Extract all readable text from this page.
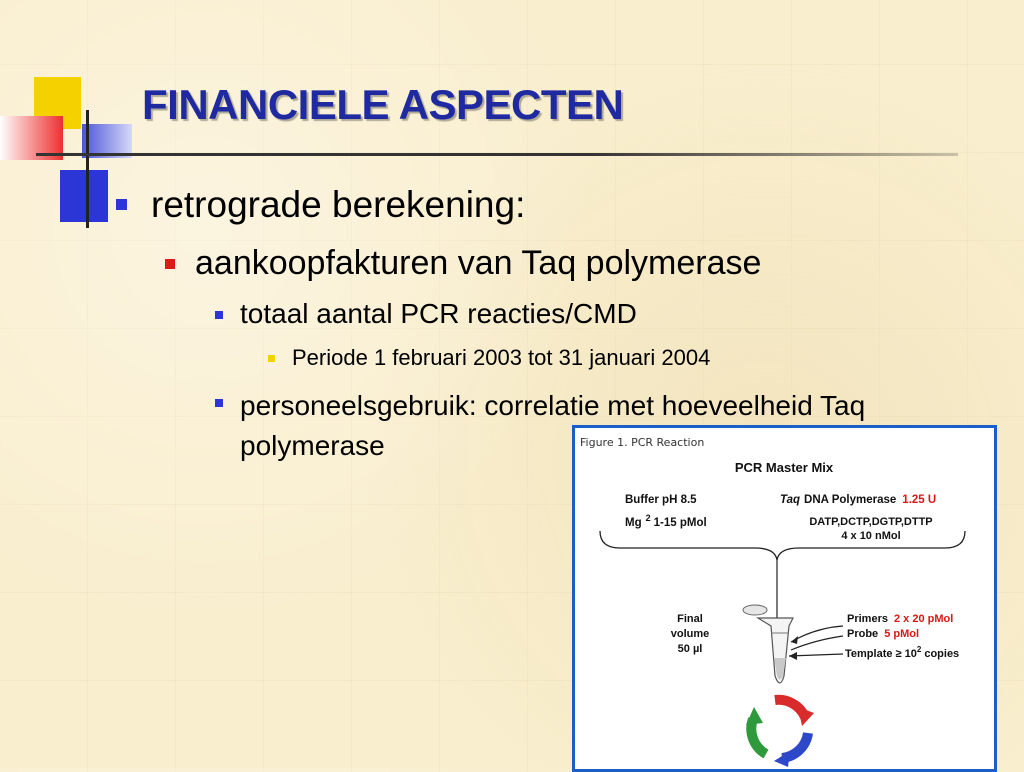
FINANCIELE ASPECTEN
retrograde berekening:
aankoopfakturen van Taq polymerase
totaal aantal PCR reacties/CMD
Periode 1 februari 2003 tot 31 januari 2004
personeelsgebruik: correlatie met hoeveelheid Taq polymerase	Figure 1. PCR Reaction
PCR Master Mix
Buffer pH 8.5
Mg $^2$ 1-15 pMol
Taq DNA Polymerase 1.25 U
DATP,DCTP,DGTP,DTTP
4 x 10 nMol
Final
volume
50 µl
Primers 2 x 20 pMol
Probe 5 pMol
Template ≥ $10^2$ copies
